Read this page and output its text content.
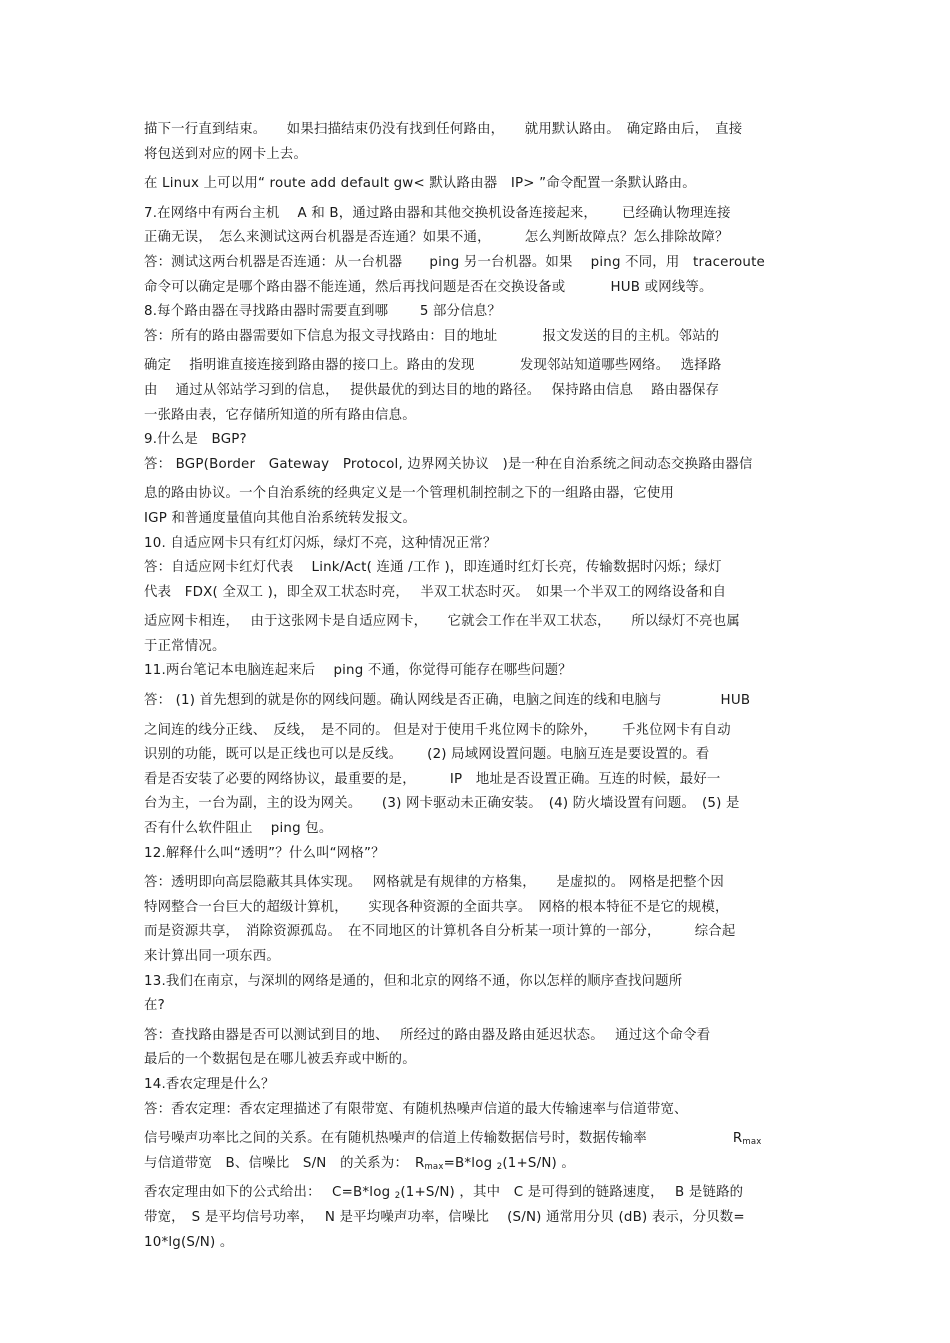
描下一行直到结束。　　如果扫描结束仍没有找到任何路由，　　就用默认路由。　确定路由后，　直接
将包送到对应的网卡上去。
在 Linux 上可以用“ route add default gw< 默认路由器　IP> ”命令配置一条默认路由。
7.在网络中有两台主机　 A 和 B，通过路由器和其他交换机设备连接起来，　　 已经确认物理连接
正确无误，　怎么来测试这两台机器是否连通？如果不通，　　　怎么判断故障点？怎么排除故障？
答：测试这两台机器是否连通：从一台机器　　ping 另一台机器。如果　 ping 不同，用　traceroute
命令可以确定是哪个路由器不能连通，然后再找问题是否在交换设备或　　　 HUB 或网线等。
8.每个路由器在寻找路由器时需要直到哪　　 5 部分信息？
答：所有的路由器需要如下信息为报文寻找路由：目的地址　　　 报文发送的目的主机。邻站的
确定　 指明谁直接连接到路由器的接口上。路由的发现　　　 发现邻站知道哪些网络。　 选择路
由　 通过从邻站学习到的信息，　 提供最优的到达目的地的路径。　 保持路由信息　 路由器保存
一张路由表，它存储所知道的所有路由信息。
9.什么是　BGP?
答： BGP(Border　Gateway　Protocol, 边界网关协议　)是一种在自治系统之间动态交换路由器信
息的路由协议。一个自治系统的经典定义是一个管理机制控制之下的一组路由器，它使用
IGP 和普通度量值向其他自治系统转发报文。
10. 自适应网卡只有红灯闪烁，绿灯不亮，这种情况正常？
答：自适应网卡红灯代表　 Link/Act( 连通 /工作 )，即连通时红灯长亮，传输数据时闪烁；绿灯
代表　FDX( 全双工 )，即全双工状态时亮，　 半双工状态时灭。　如果一个半双工的网络设备和自
适应网卡相连，　 由于这张网卡是自适应网卡，　　它就会工作在半双工状态，　　所以绿灯不亮也属
于正常情况。
11.两台笔记本电脑连起来后　 ping 不通，你觉得可能存在哪些问题？
答： (1) 首先想到的就是你的网线问题。确认网线是否正确，电脑之间连的线和电脑与　　　　 HUB
之间连的线分正线、　反线，　是不同的。 但是对于使用千兆位网卡的除外，　　 千兆位网卡有自动
识别的功能，既可以是正线也可以是反线。　　 (2) 局域网设置问题。电脑互连是要设置的。看
看是否安装了必要的网络协议，最重要的是，　　　IP　地址是否设置正确。互连的时候，最好一
台为主，一台为副，主的设为网关。　　(3) 网卡驱动未正确安装。　(4) 防火墙设置有问题。　(5) 是
否有什么软件阻止　 ping 包。
12.解释什么叫“透明”？什么叫“网格”？
答：透明即向高层隐蔽其具体实现。　 网格就是有规律的方格集，　　是虚拟的。 网格是把整个因
特网整合一台巨大的超级计算机，　　实现各种资源的全面共享。　网格的根本特征不是它的规模，
而是资源共享，　消除资源孤岛。　在不同地区的计算机各自分析某一项计算的一部分，　　　综合起
来计算出同一项东西。
13.我们在南京，与深圳的网络是通的，但和北京的网络不通，你以怎样的顺序查找问题所
在?
答：查找路由器是否可以测试到目的地、　 所经过的路由器及路由延迟状态。　 通过这个命令看
最后的一个数据包是在哪儿被丢弃或中断的。
14.香农定理是什么？
答：香农定理：香农定理描述了有限带宽、有随机热噪声信道的最大传输速率与信道带宽、
信号噪声功率比之间的关系。在有随机热噪声的信道上传输数据信号时，数据传输率　　　　　　 $R_{max}$
与信道带宽　B、信噪比　S/N　的关系为：　$R_{max}=B*\log$ $_2$(1+S/N) 。
香农定理由如下的公式给出：　 C=B*log $_2$(1+S/N) ，其中　C 是可得到的链路速度，　 B 是链路的
带宽，　S 是平均信号功率，　 N 是平均噪声功率，信噪比　 (S/N) 通常用分贝 (dB) 表示，分贝数=
10*lg(S/N) 。
